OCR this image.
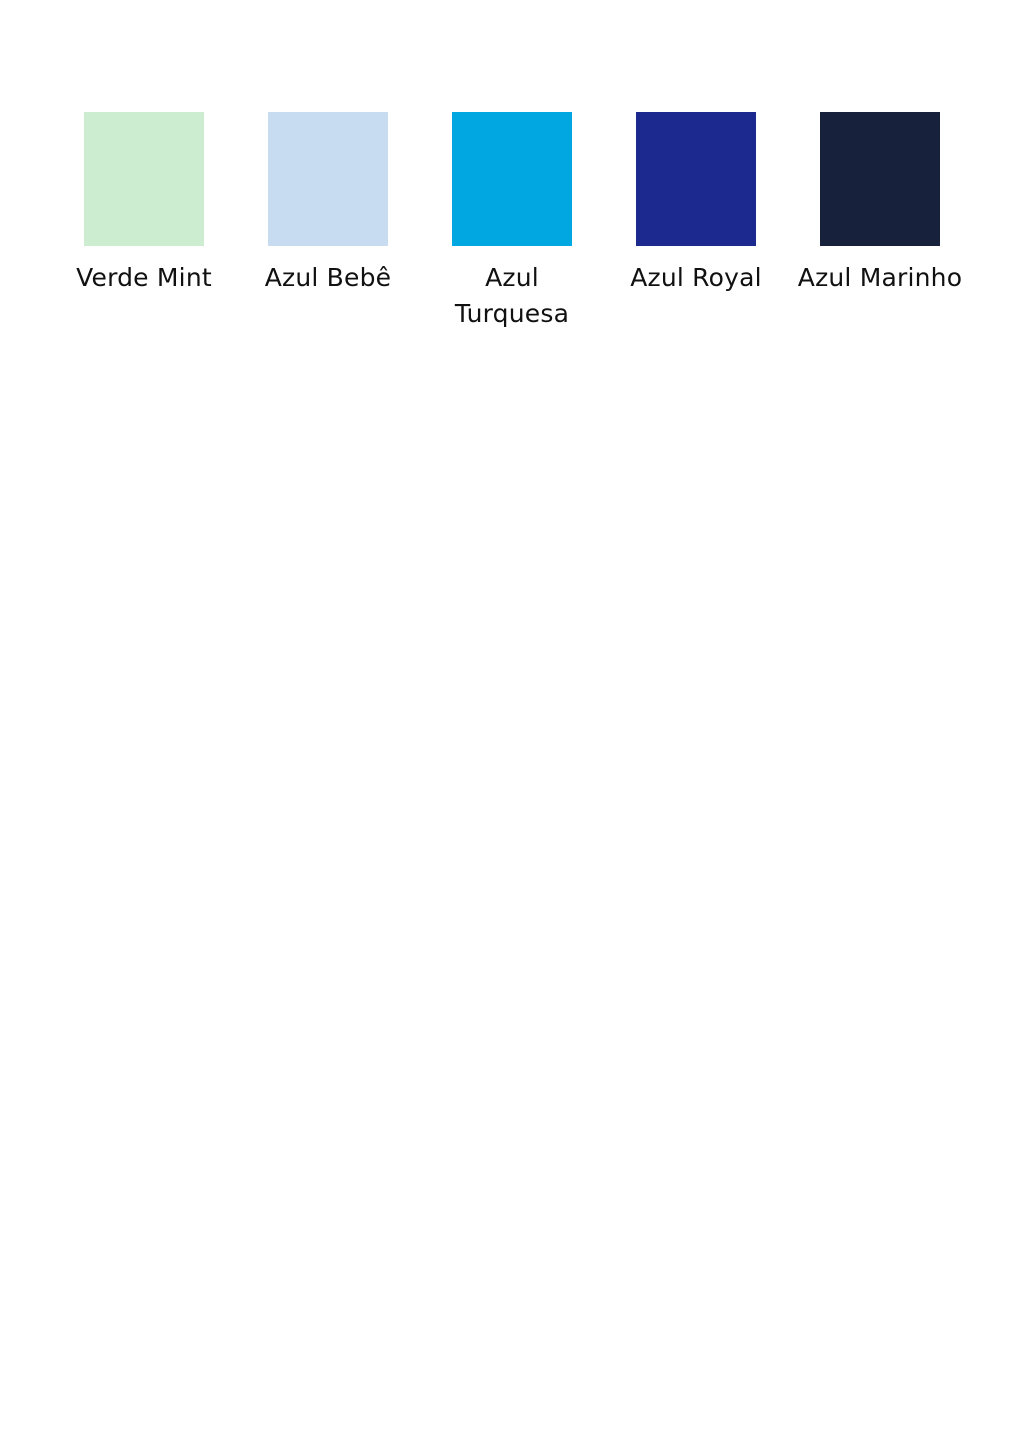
Verde Mint Azul Bebê	Azul Turquesa
Azul Royal Azul Marinho
